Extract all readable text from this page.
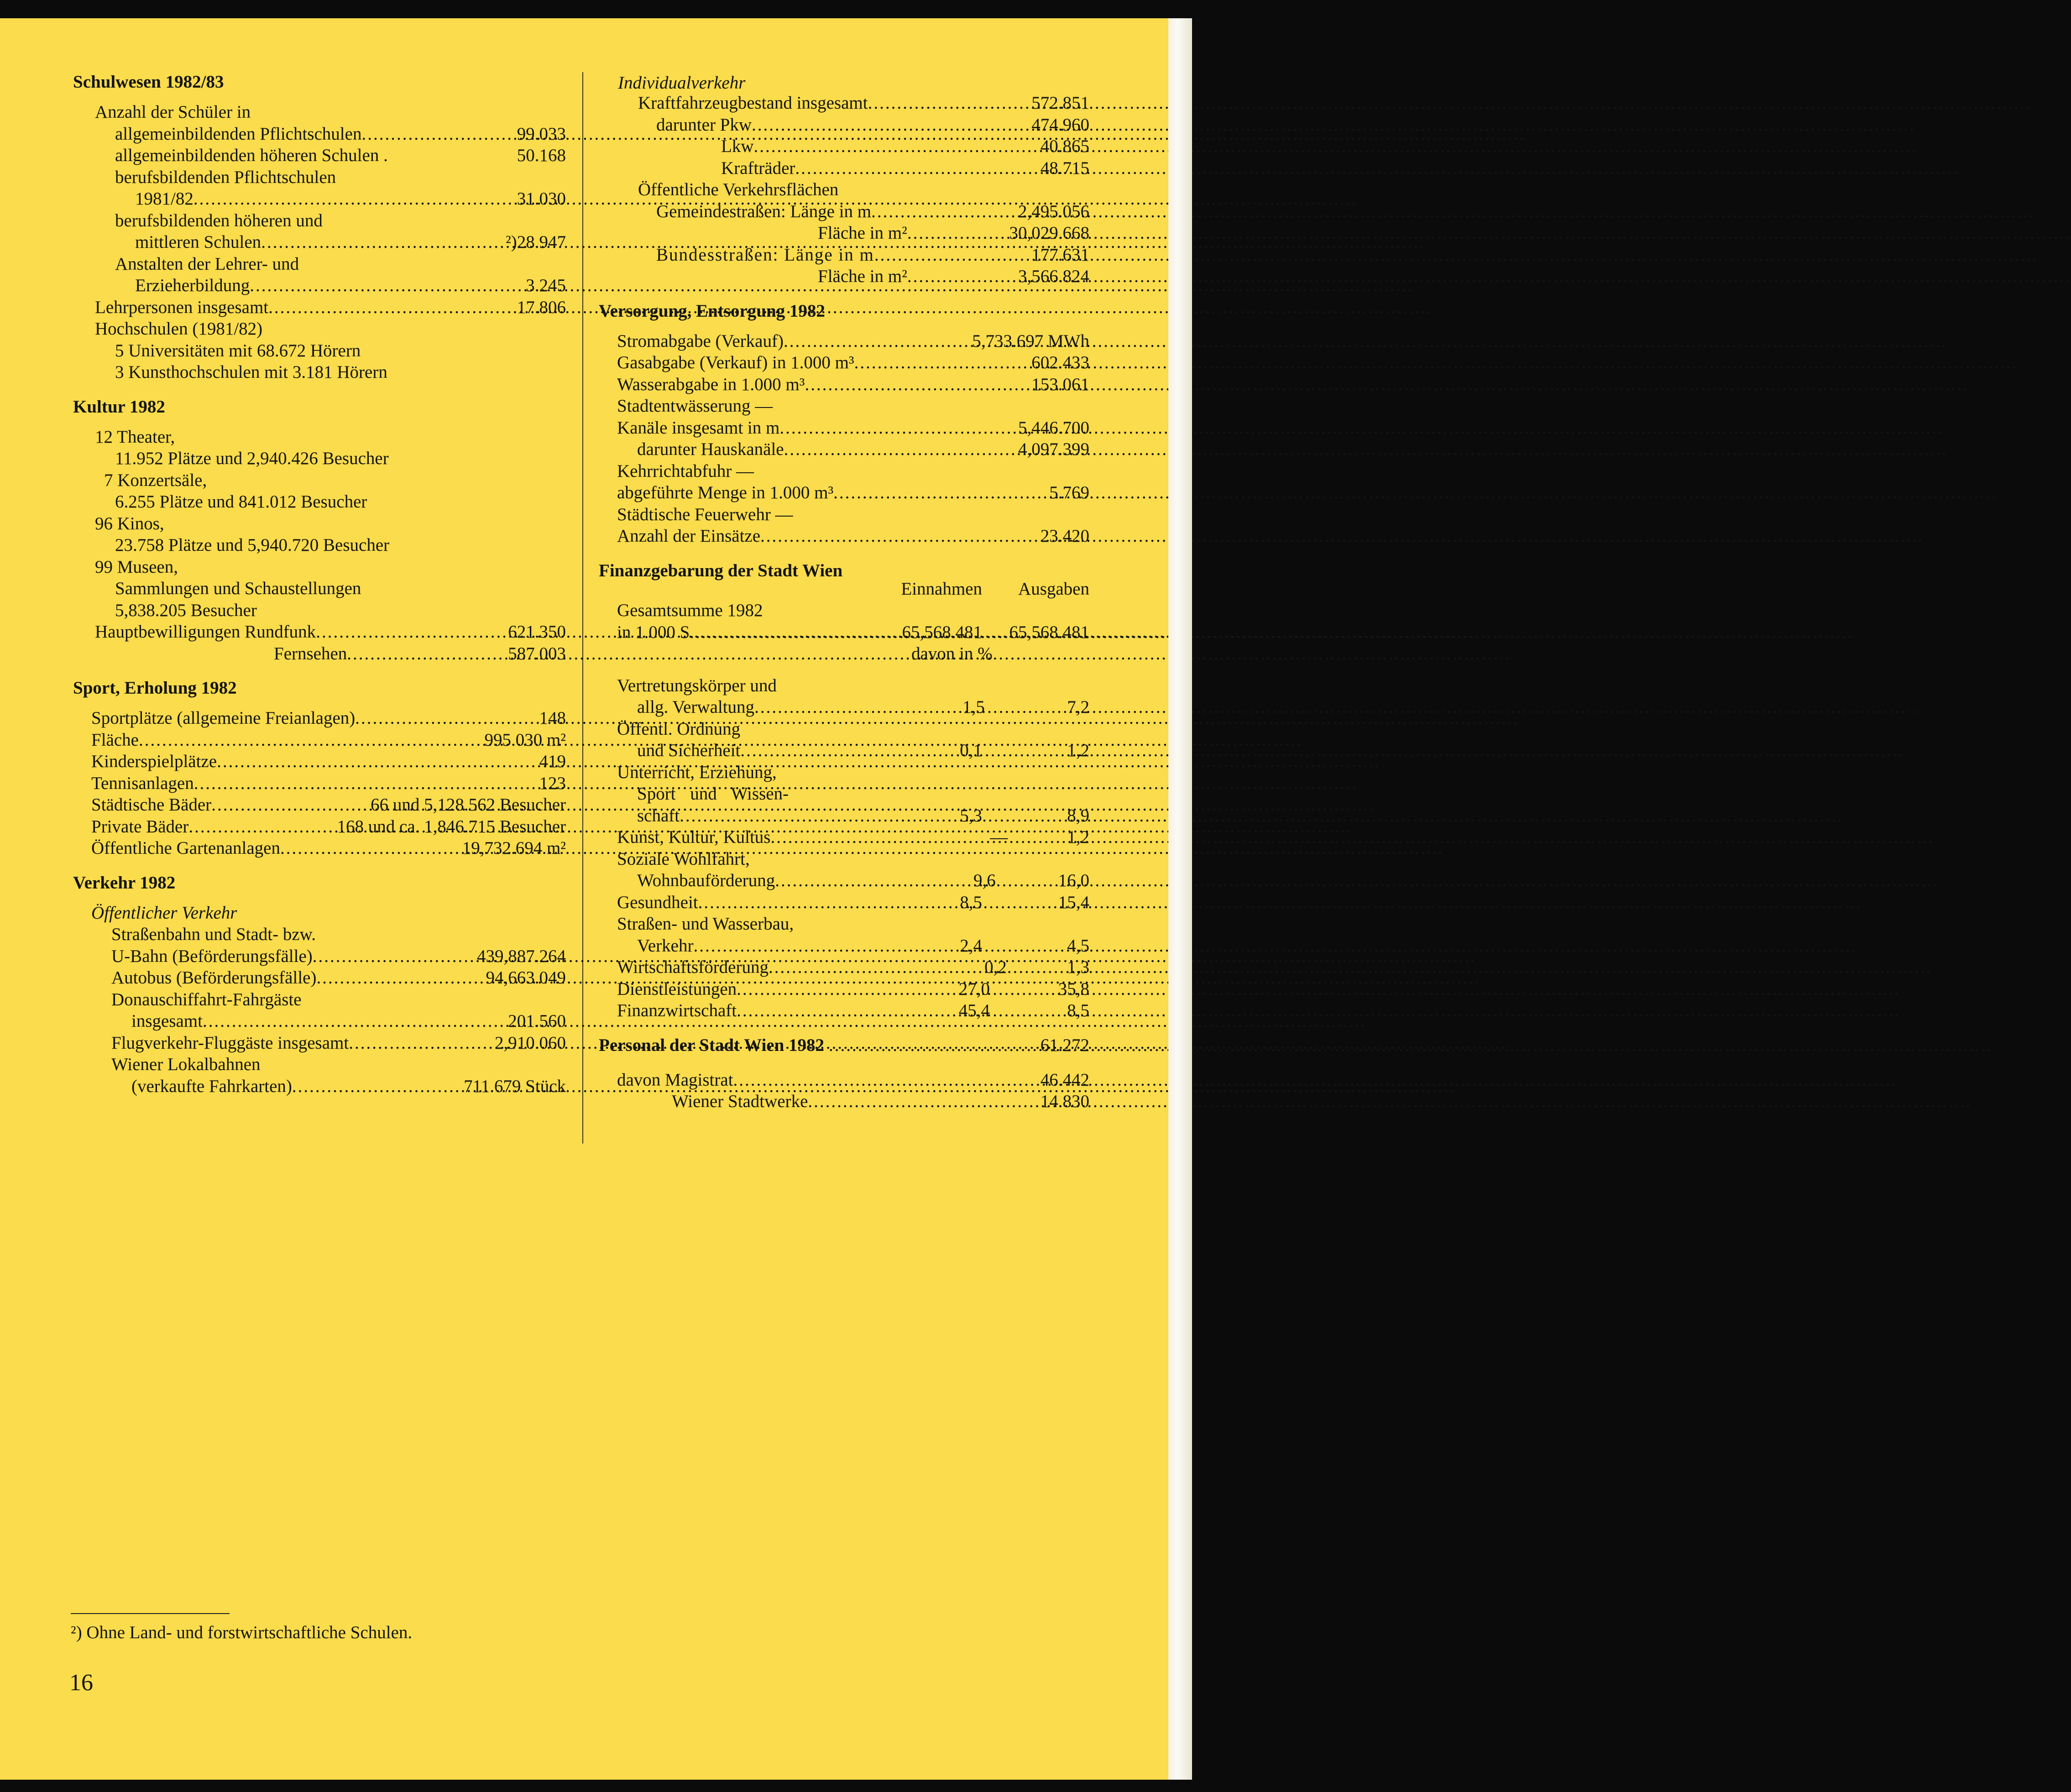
Schulwesen 1982/83
Anzahl der Schüler in
allgemeinbildenden Pflichtschulen .....	99.033
allgemeinbildenden höheren Schulen .	50.168
berufsbildenden Pflichtschulen
1981/82 .....	31.030
berufsbildenden höheren und
mittleren Schulen .....	²)28.947
Anstalten der Lehrer- und
Erzieherbildung .....	3.245
Lehrpersonen insgesamt .....	17.806
Hochschulen (1981/82)
5 Universitäten mit 68.672 Hörern
3 Kunsthochschulen mit 3.181 Hörern
Kultur 1982
12 Theater,
11.952 Plätze und 2,940.426 Besucher
7 Konzertsäle,
6.255 Plätze und 841.012 Besucher
96 Kinos,
23.758 Plätze und 5,940.720 Besucher
99 Museen,
Sammlungen und Schaustellungen
5,838.205 Besucher
Hauptbewilligungen Rundfunk .....	621.350
Fernsehen .....	587.003
Sport, Erholung 1982
Sportplätze (allgemeine Freianlagen) .....	148
Fläche .....	995.030 m²
Kinderspielplätze .....	419
Tennisanlagen .....	123
Städtische Bäder .....	66 und 5,128.562 Besucher
Private Bäder .....	168 und ca. 1,846.715 Besucher
Öffentliche Gartenanlagen .....	19,732.694 m²
Verkehr 1982
Öffentlicher Verkehr
Straßenbahn und Stadt- bzw.
U-Bahn (Beförderungsfälle) .....	439,887.264
Autobus (Beförderungsfälle) .....	94,663.049
Donauschiffahrt-Fahrgäste
insgesamt .....	201.560
Flugverkehr-Fluggäste insgesamt .....	2,910.060
Wiener Lokalbahnen
(verkaufte Fahrkarten) .....	711.679 Stück
Individualverkehr
Kraftfahrzeugbestand insgesamt .....	572.851
darunter Pkw .....	474.960
Lkw .....	40.865
Krafträder .....	48.715
Öffentliche Verkehrsflächen
Gemeindestraßen: Länge in m .....	2,495.056
Fläche in m² .....	30,029.668
Bundesstraßen: Länge in m .....	177.631
Fläche in m² .....	3,566.824
Versorgung, Entsorgung 1982
Stromabgabe (Verkauf) .....	5,733.697 MWh
Gasabgabe (Verkauf) in 1.000 m³ .....	602.433
Wasserabgabe in 1.000 m³ .....	153.061
Stadtentwässerung —
Kanäle insgesamt in m .....	5,446.700
darunter Hauskanäle .....	4,097.399
Kehrrichtabfuhr —
abgeführte Menge in 1.000 m³ .....	5.769
Städtische Feuerwehr —
Anzahl der Einsätze .....	23.420
Finanzgebarung der Stadt Wien
Einnahmen	Ausgaben
Gesamtsumme 1982
in 1.000 S .....	65,568.481	65,568.481
davon in %
Vertretungskörper und
allg. Verwaltung .....	1,5	7,2
Öffentl. Ordnung
und Sicherheit .....	0,1	1,2
Unterricht, Erziehung,
Sport und Wissen-
schaft .....	5,3	8,9
Kunst, Kultur, Kultus .....	—	1,2
Soziale Wohlfahrt,
Wohnbauförderung .....	9,6	16,0
Gesundheit .....	8,5	15,4
Straßen- und Wasserbau,
Verkehr .....	2,4	4,5
Wirtschaftsförderung .....	0,2	1,3
Dienstleistungen .....	27,0	35,8
Finanzwirtschaft .....	45,4	8,5
Personal der Stadt Wien 1982 .....	61.272
davon Magistrat .....	46.442
Wiener Stadtwerke .....	14.830
²) Ohne Land- und forstwirtschaftliche Schulen.
16
